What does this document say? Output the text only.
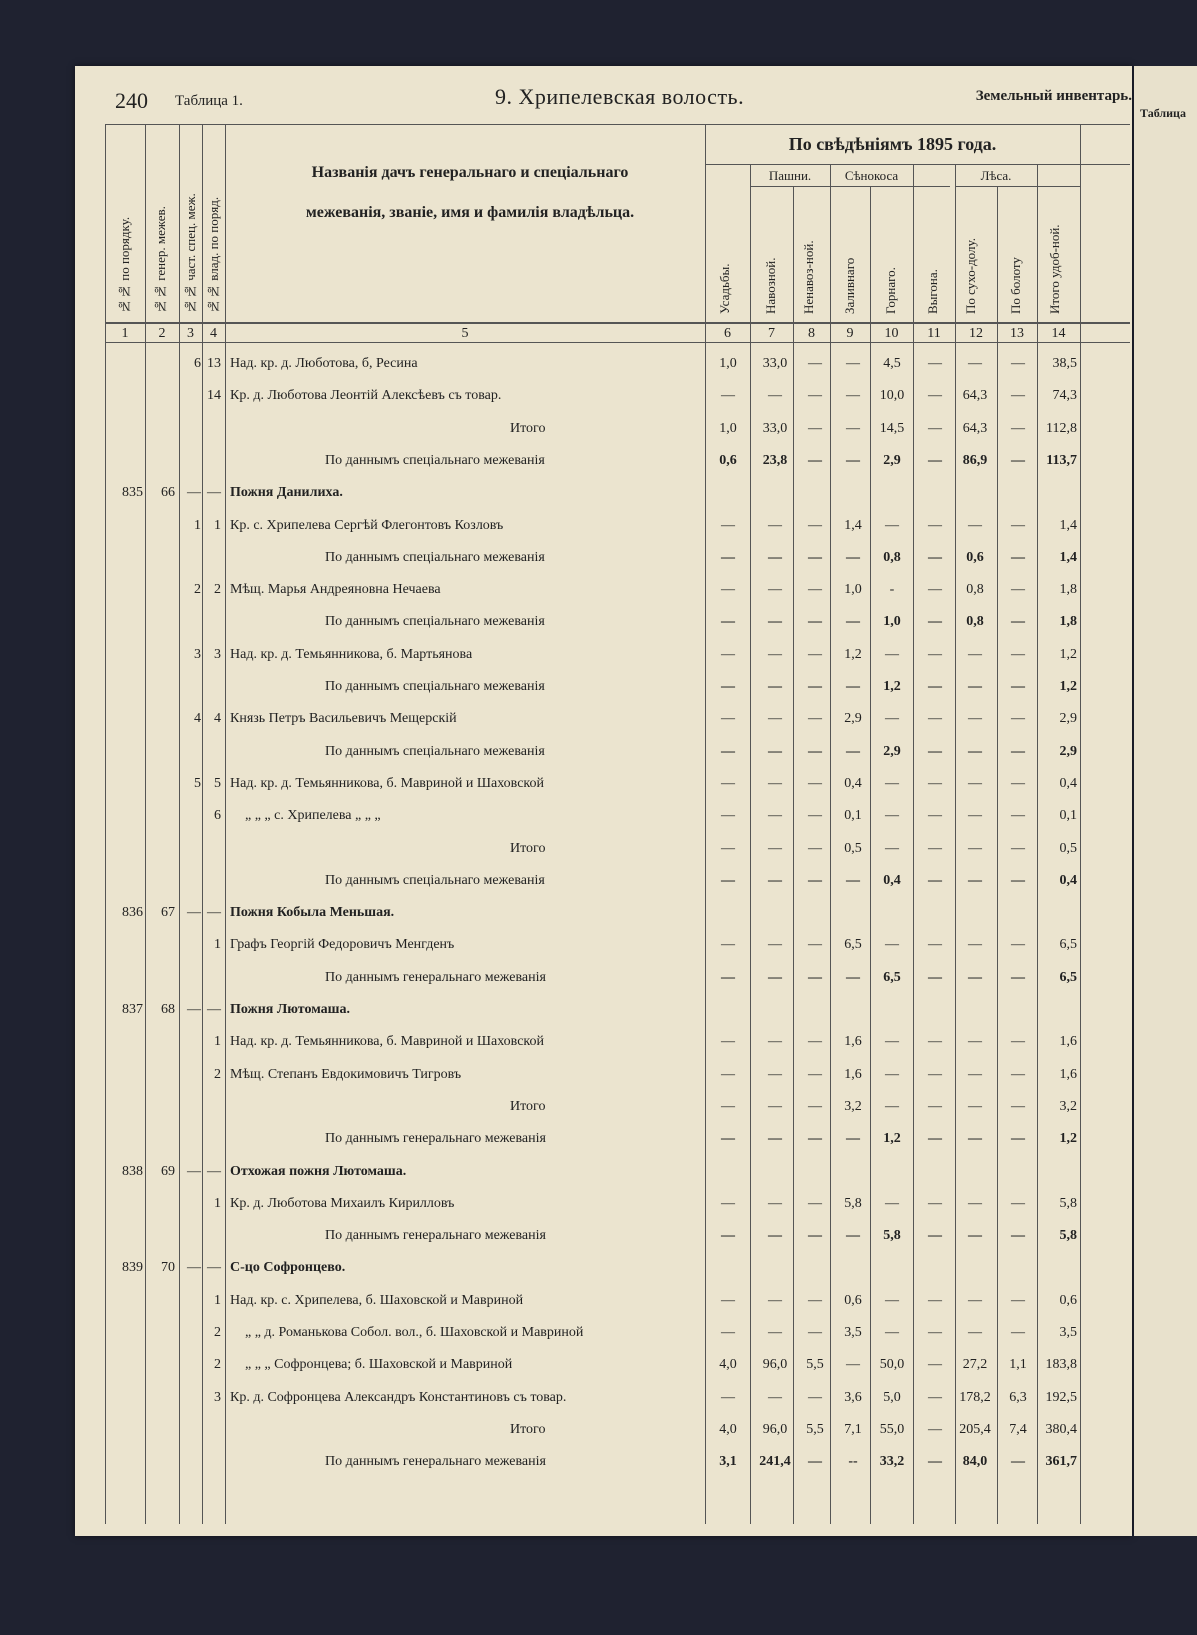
240 Таблица 1.	9. Хрипелевская волость.	Земельный инвентарь.
№№ по порядку. №№ генер. межев. №№ част. спец. меж. №№ влад. по поряд.
Названія дачъ генеральнаго и спеціальнаго
межеванія, званіе, имя и фамилія владѣльца.
По свѣдѣніямъ 1895 года.
Пашни.	Сѣнокоса	Лѣса.
Усадьбы. Навозной. Ненавоз-ной. Заливнаго Горнаго. Выгона. По сухо-долу. По болоту Итого удоб-ной.
1	2	3	4	5	6	7	8	9	10	11	12	13	14
6 13 Над. кр. д. Люботова, б, Ресина	1,0	33,0	—	—	4,5	—	—	—	38,5
14 Кр. д. Люботова Леонтій Алексѣевъ съ товар.	—	—	—	—	10,0	—	64,3	—	74,3
Итого	1,0	33,0	—	—	14,5	—	64,3	—	112,8
По даннымъ спеціальнаго межеванія	0,6	23,8	—	—	2,9	—	86,9	—	113,7
835	66 — — Пожня Данилиха.
1 1 Кр. с. Хрипелева Сергѣй Флегонтовъ Козловъ	—	—	—	1,4	—	—	—	—	1,4
По даннымъ спеціальнаго межеванія	—	—	—	—	0,8	—	0,6	—	1,4
2 2 Мѣщ. Марья Андреяновна Нечаева	—	—	—	1,0	-	—	0,8	—	1,8
По даннымъ спеціальнаго межеванія	—	—	—	—	1,0	—	0,8	—	1,8
3 3 Над. кр. д. Темьянникова, б. Мартьянова	—	—	—	1,2	—	—	—	—	1,2
По даннымъ спеціальнаго межеванія	—	—	—	—	1,2	—	—	—	1,2
4 4 Князь Петръ Васильевичъ Мещерскій	—	—	—	2,9	—	—	—	—	2,9
По даннымъ спеціальнаго межеванія	—	—	—	—	2,9	—	—	—	2,9
5 5 Над. кр. д. Темьянникова, б. Мавриной и Шаховской	—	—	—	0,4	—	—	—	—	0,4
6 „ „ „ с. Хрипелева „ „ „	—	—	—	0,1	—	—	—	—	0,1
Итого	—	—	—	0,5	—	—	—	—	0,5
По даннымъ спеціальнаго межеванія	—	—	—	—	0,4	—	—	—	0,4
836	67 — — Пожня Кобыла Меньшая.
1 Графъ Георгій Федоровичъ Менгденъ	—	—	—	6,5	—	—	—	—	6,5
По даннымъ генеральнаго межеванія	—	—	—	—	6,5	—	—	—	6,5
837	68 — — Пожня Лютомаша.
1 Над. кр. д. Темьянникова, б. Мавриной и Шаховской	—	—	—	1,6	—	—	—	—	1,6
2 Мѣщ. Степанъ Евдокимовичъ Тигровъ	—	—	—	1,6	—	—	—	—	1,6
Итого	—	—	—	3,2	—	—	—	—	3,2
По даннымъ генеральнаго межеванія	—	—	—	—	1,2	—	—	—	1,2
838	69 — — Отхожая пожня Лютомаша.
1 Кр. д. Люботова Михаилъ Кирилловъ	—	—	—	5,8	—	—	—	—	5,8
По даннымъ генеральнаго межеванія	—	—	—	—	5,8	—	—	—	5,8
839	70 — — С-цо Софронцево.
1 Над. кр. с. Хрипелева, б. Шаховской и Мавриной	—	—	—	0,6	—	—	—	—	0,6
2 „ „ д. Романькова Собол. вол., б. Шаховской и Мавриной	—	—	—	3,5	—	—	—	—	3,5
2 „ „ „ Софронцева; б. Шаховской и Мавриной	4,0	96,0	5,5	—	50,0	—	27,2	1,1	183,8
3 Кр. д. Софронцева Александръ Константиновъ съ товар.	—	—	—	3,6	5,0	—	178,2	6,3	192,5
Итого	4,0	96,0	5,5	7,1	55,0	—	205,4	7,4	380,4
По даннымъ генеральнаго межеванія	3,1	241,4	—	--	33,2	—	84,0	—	361,7
Таблица
